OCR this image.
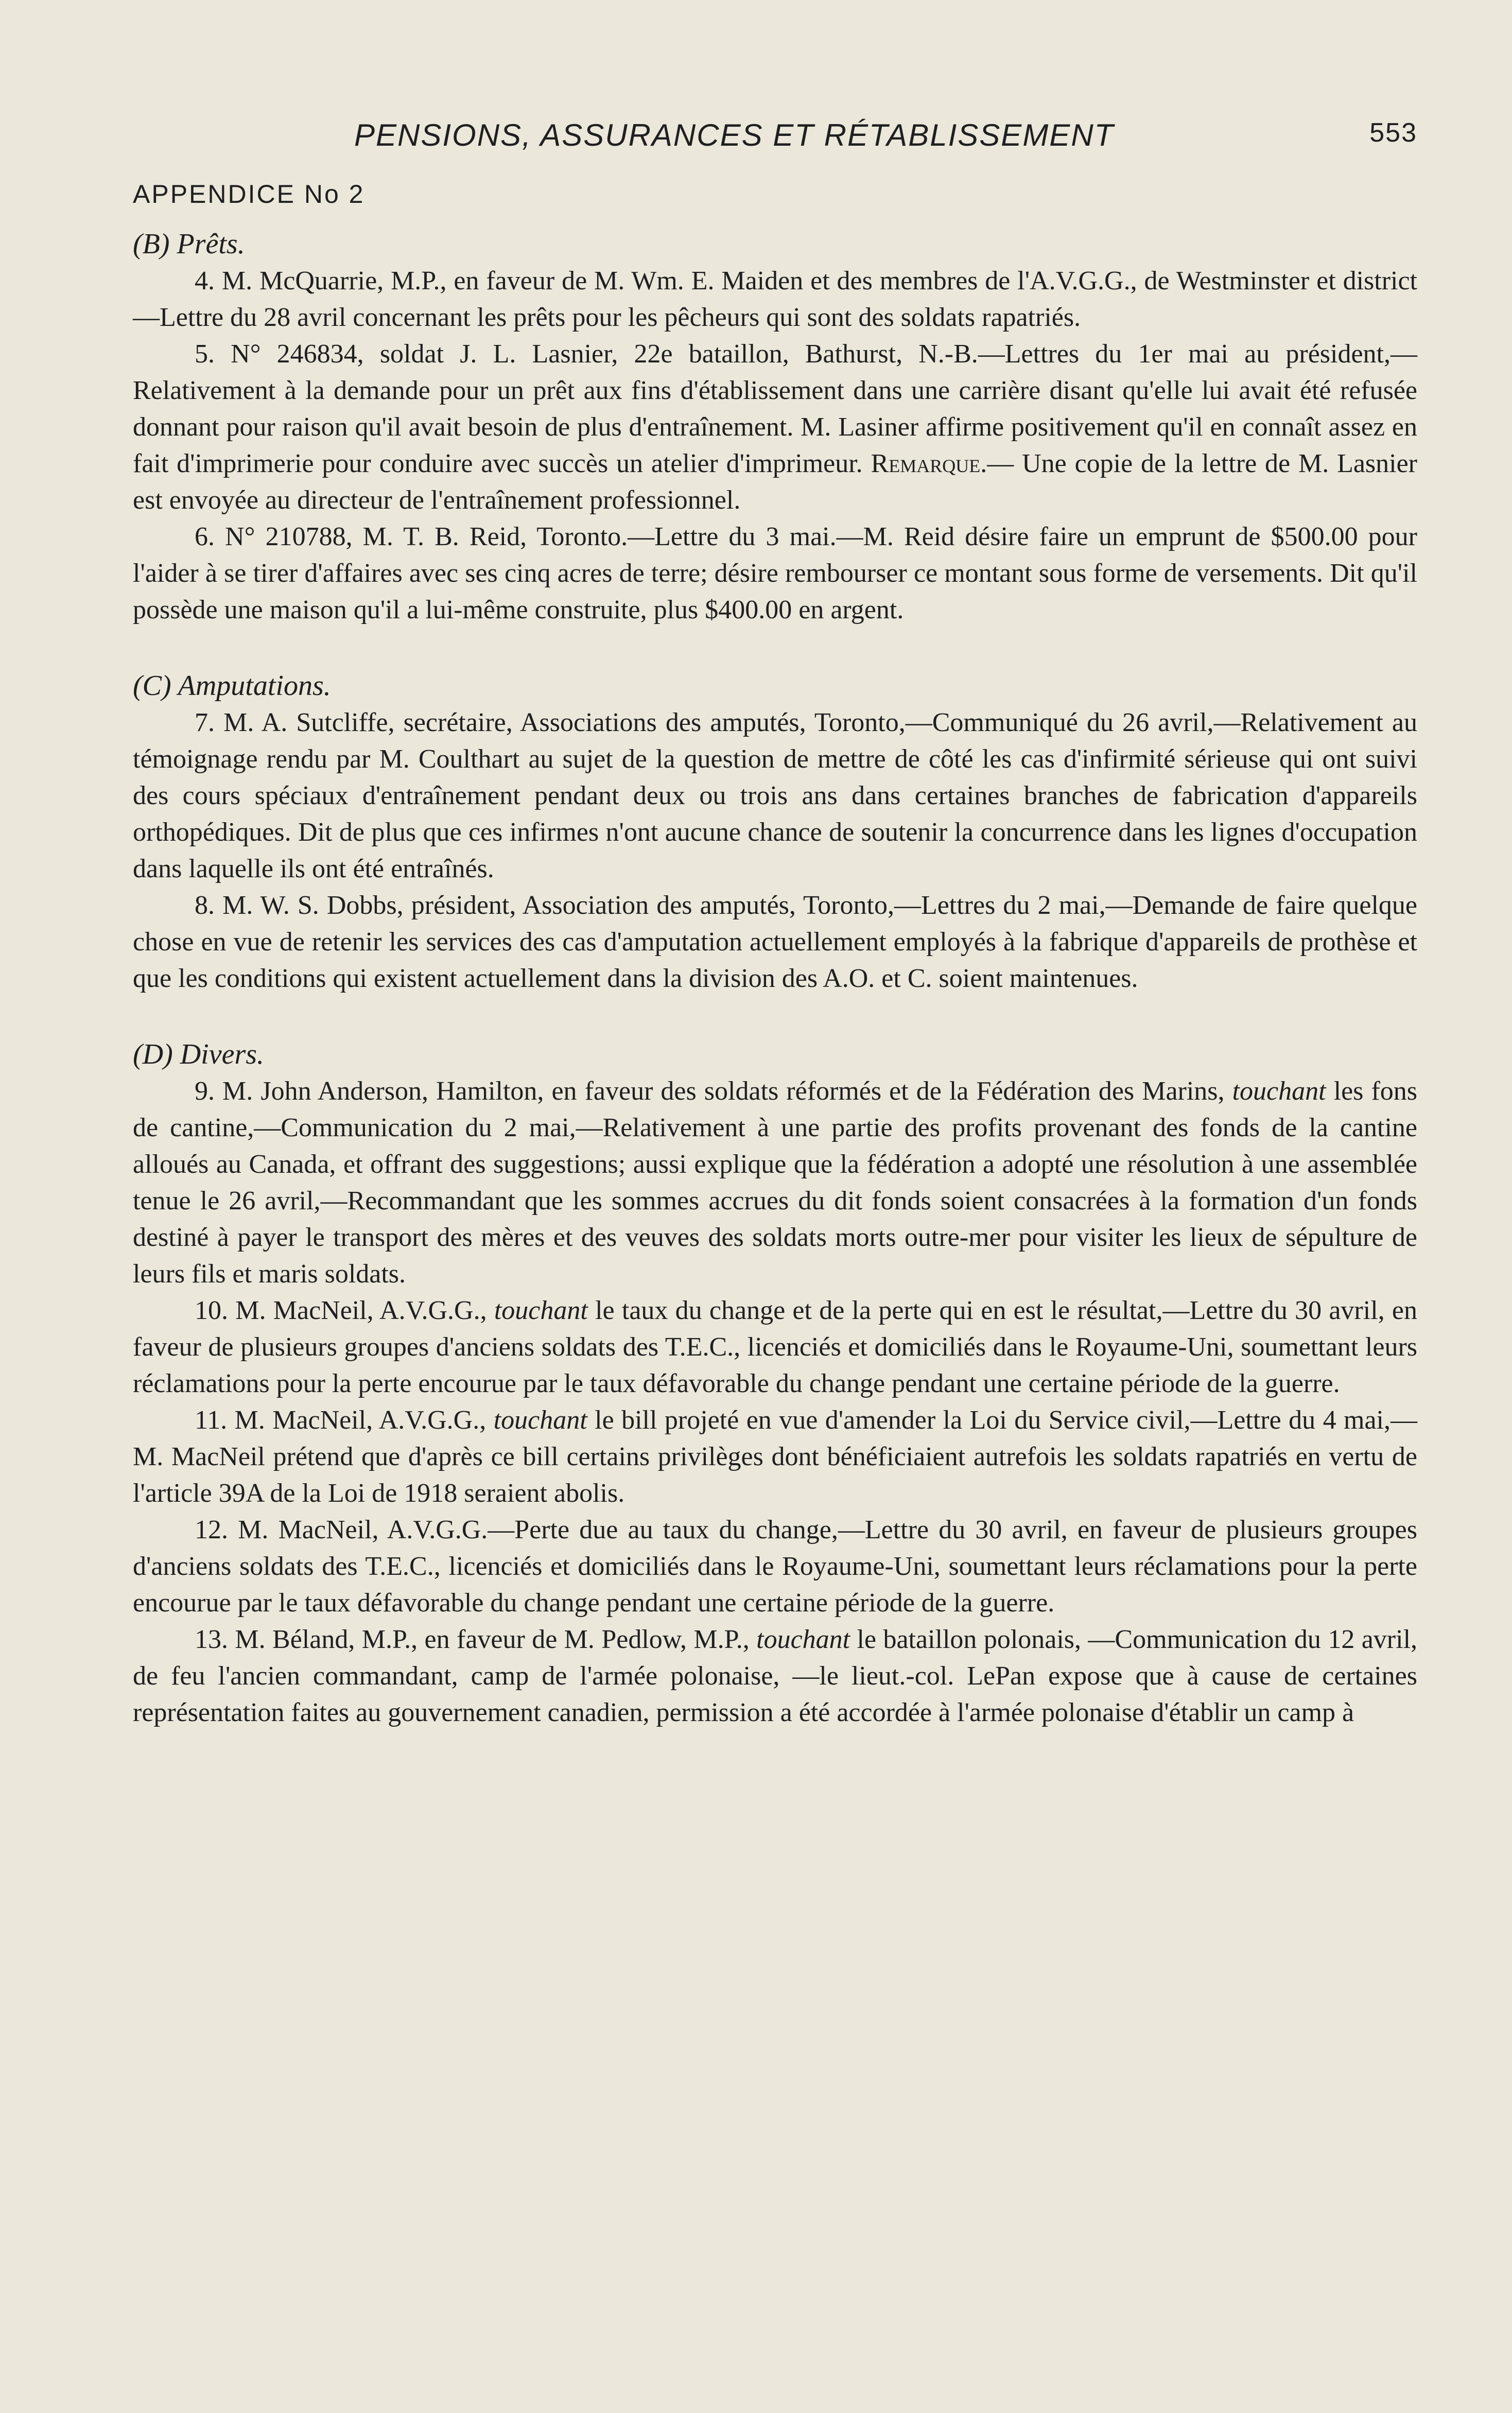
PENSIONS, ASSURANCES ET RÉTABLISSEMENT	553
APPENDICE No 2
(B) Prêts.

4. M. McQuarrie, M.P., en faveur de M. Wm. E. Maiden et des membres de l'A.V.G.G., de Westminster et district—Lettre du 28 avril concernant les prêts pour les pêcheurs qui sont des soldats rapatriés.

5. N° 246834, soldat J. L. Lasnier, 22e bataillon, Bathurst, N.-B.—Lettres du 1er mai au président,—Relativement à la demande pour un prêt aux fins d'établissement dans une carrière disant qu'elle lui avait été refusée donnant pour raison qu'il avait besoin de plus d'entraînement. M. Lasiner affirme positivement qu'il en connaît assez en fait d'imprimerie pour conduire avec succès un atelier d'imprimeur. Remarque.— Une copie de la lettre de M. Lasnier est envoyée au directeur de l'entraînement professionnel.

6. N° 210788, M. T. B. Reid, Toronto.—Lettre du 3 mai.—M. Reid désire faire un emprunt de $500.00 pour l'aider à se tirer d'affaires avec ses cinq acres de terre; désire rembourser ce montant sous forme de versements. Dit qu'il possède une maison qu'il a lui-même construite, plus $400.00 en argent.

(C) Amputations.

7. M. A. Sutcliffe, secrétaire, Associations des amputés, Toronto,—Communiqué du 26 avril,—Relativement au témoignage rendu par M. Coulthart au sujet de la question de mettre de côté les cas d'infirmité sérieuse qui ont suivi des cours spéciaux d'entraînement pendant deux ou trois ans dans certaines branches de fabrication d'appareils orthopédiques. Dit de plus que ces infirmes n'ont aucune chance de soutenir la concurrence dans les lignes d'occupation dans laquelle ils ont été entraînés.

8. M. W. S. Dobbs, président, Association des amputés, Toronto,—Lettres du 2 mai,—Demande de faire quelque chose en vue de retenir les services des cas d'amputation actuellement employés à la fabrique d'appareils de prothèse et que les conditions qui existent actuellement dans la division des A.O. et C. soient maintenues.

(D) Divers.

9. M. John Anderson, Hamilton, en faveur des soldats réformés et de la Fédération des Marins, touchant les fons de cantine,—Communication du 2 mai,—Relativement à une partie des profits provenant des fonds de la cantine alloués au Canada, et offrant des suggestions; aussi explique que la fédération a adopté une résolution à une assemblée tenue le 26 avril,—Recommandant que les sommes accrues du dit fonds soient consacrées à la formation d'un fonds destiné à payer le transport des mères et des veuves des soldats morts outre-mer pour visiter les lieux de sépulture de leurs fils et maris soldats.

10. M. MacNeil, A.V.G.G., touchant le taux du change et de la perte qui en est le résultat,—Lettre du 30 avril, en faveur de plusieurs groupes d'anciens soldats des T.E.C., licenciés et domiciliés dans le Royaume-Uni, soumettant leurs réclamations pour la perte encourue par le taux défavorable du change pendant une certaine période de la guerre.

11. M. MacNeil, A.V.G.G., touchant le bill projeté en vue d'amender la Loi du Service civil,—Lettre du 4 mai,—M. MacNeil prétend que d'après ce bill certains privilèges dont bénéficiaient autrefois les soldats rapatriés en vertu de l'article 39A de la Loi de 1918 seraient abolis.

12. M. MacNeil, A.V.G.G.—Perte due au taux du change,—Lettre du 30 avril, en faveur de plusieurs groupes d'anciens soldats des T.E.C., licenciés et domiciliés dans le Royaume-Uni, soumettant leurs réclamations pour la perte encourue par le taux défavorable du change pendant une certaine période de la guerre.

13. M. Béland, M.P., en faveur de M. Pedlow, M.P., touchant le bataillon polonais, —Communication du 12 avril, de feu l'ancien commandant, camp de l'armée polonaise, —le lieut.-col. LePan expose que à cause de certaines représentation faites au gouvernement canadien, permission a été accordée à l'armée polonaise d'établir un camp à
